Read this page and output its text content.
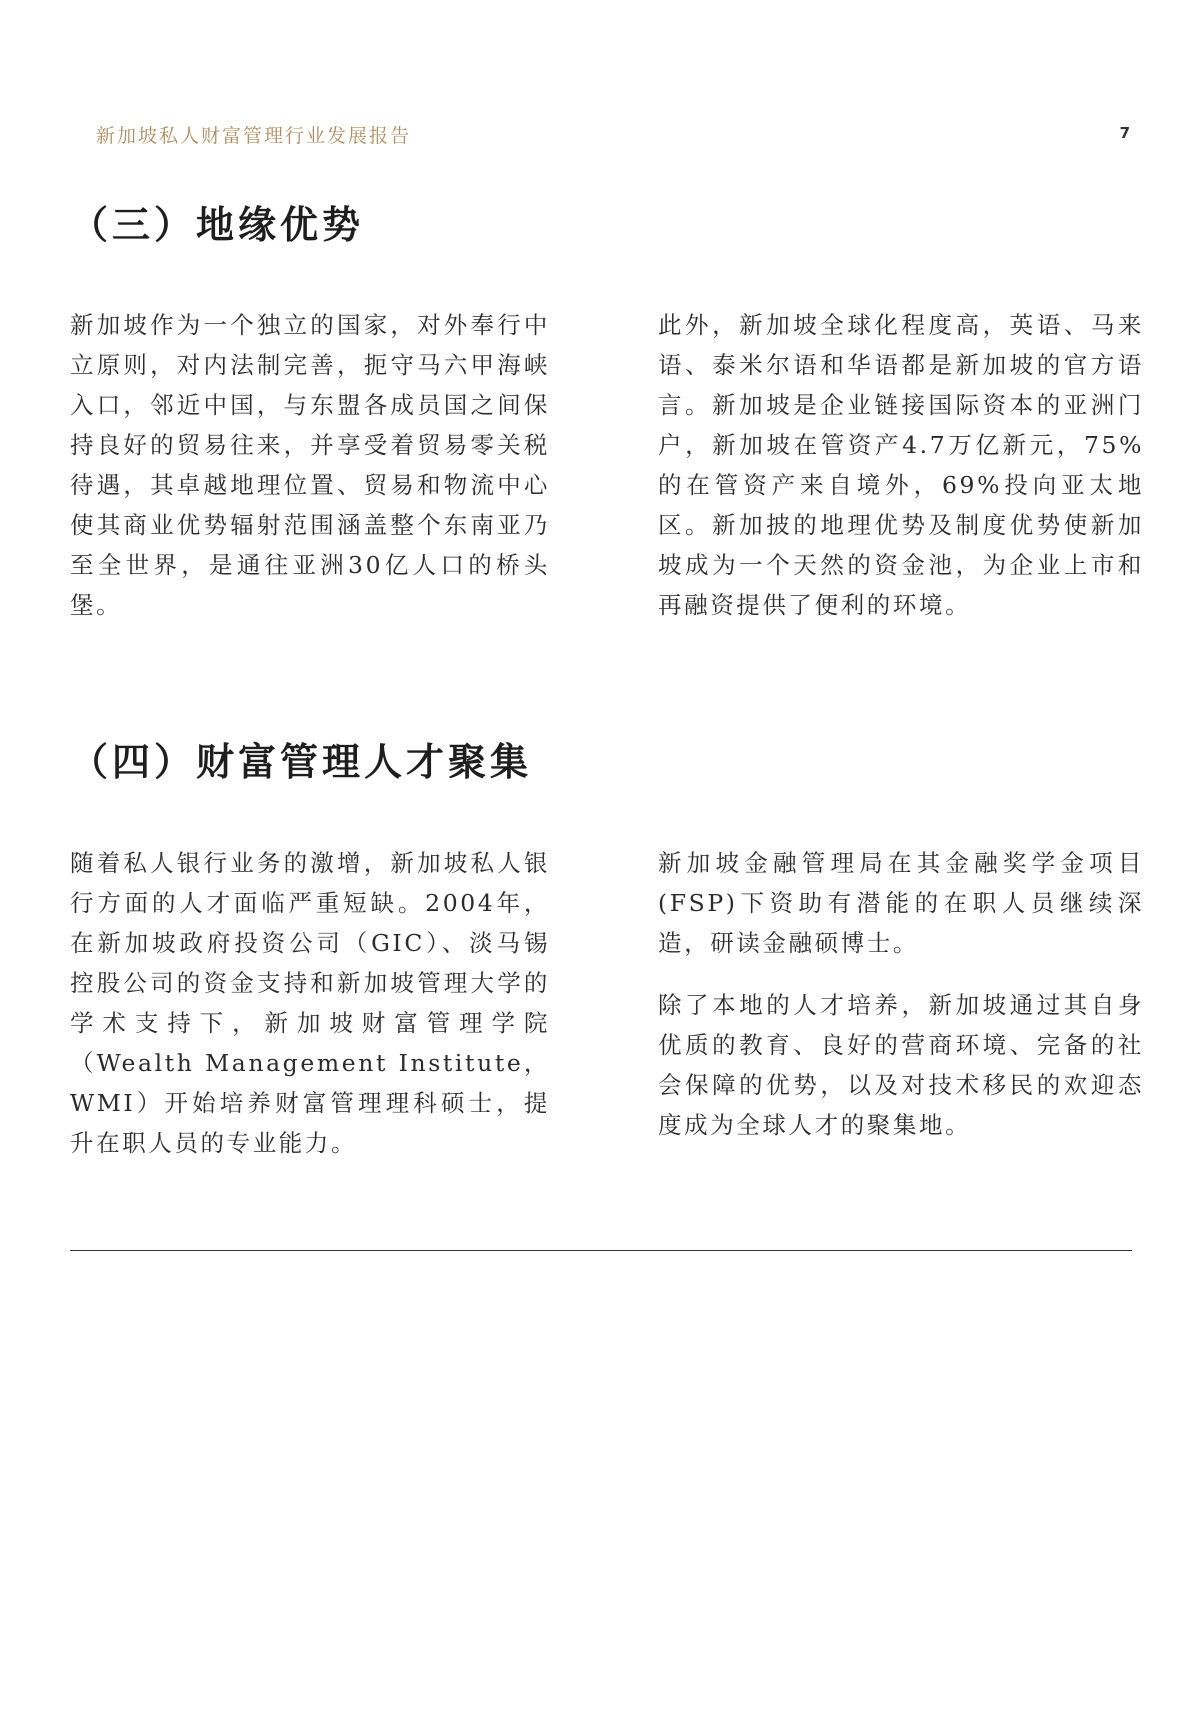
新加坡私人财富管理行业发展报告	7
（三）地缘优势

新加坡作为一个独立的国家，对外奉行中立原则，对内法制完善，扼守马六甲海峡入口，邻近中国，与东盟各成员国之间保持良好的贸易往来，并享受着贸易零关税待遇，其卓越地理位置、贸易和物流中心使其商业优势辐射范围涵盖整个东南亚乃至全世界，是通往亚洲30亿人口的桥头堡。

此外，新加坡全球化程度高，英语、马来语、泰米尔语和华语都是新加坡的官方语言。新加坡是企业链接国际资本的亚洲门户，新加坡在管资产4.7万亿新元，75%的在管资产来自境外，69%投向亚太地区。新加披的地理优势及制度优势使新加坡成为一个天然的资金池，为企业上市和再融资提供了便利的环境。

（四）财富管理人才聚集

随着私人银行业务的激增，新加坡私人银行方面的人才面临严重短缺。2004年，在新加坡政府投资公司（GIC）、淡马锡控股公司的资金支持和新加坡管理大学的学术支持下，新加坡财富管理学院（Wealth Management Institute，WMI）开始培养财富管理理科硕士，提升在职人员的专业能力。

新加坡金融管理局在其金融奖学金项目(FSP)下资助有潜能的在职人员继续深造，研读金融硕博士。

除了本地的人才培养，新加坡通过其自身优质的教育、良好的营商环境、完备的社会保障的优势，以及对技术移民的欢迎态度成为全球人才的聚集地。
